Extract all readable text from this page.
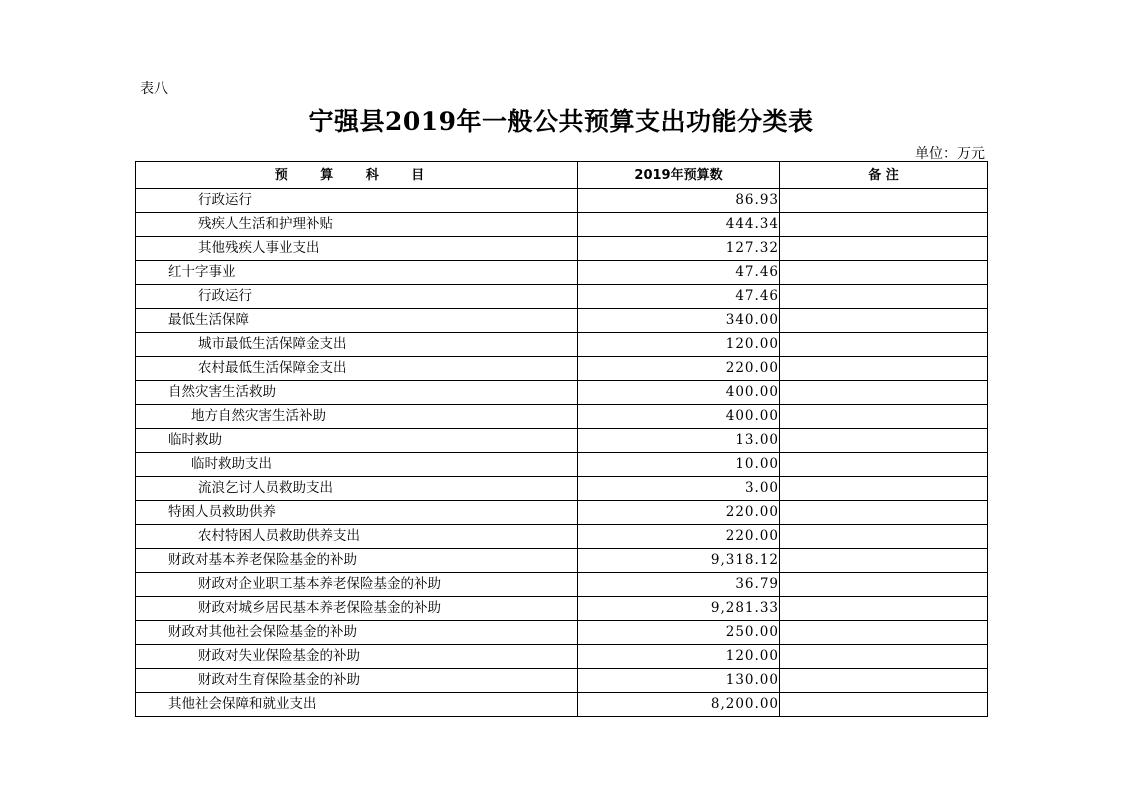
表八
宁强县2019年一般公共预算支出功能分类表
单位：万元
预 算 科 目	2019年预算数	备 注
行政运行	86.93	
残疾人生活和护理补贴	444.34	
其他残疾人事业支出	127.32	
红十字事业	47.46	
行政运行	47.46	
最低生活保障	340.00	
城市最低生活保障金支出	120.00	
农村最低生活保障金支出	220.00	
自然灾害生活救助	400.00	
地方自然灾害生活补助	400.00	
临时救助	13.00	
临时救助支出	10.00	
流浪乞讨人员救助支出	3.00	
特困人员救助供养	220.00	
农村特困人员救助供养支出	220.00	
财政对基本养老保险基金的补助	9,318.12	
财政对企业职工基本养老保险基金的补助	36.79	
财政对城乡居民基本养老保险基金的补助	9,281.33	
财政对其他社会保险基金的补助	250.00	
财政对失业保险基金的补助	120.00	
财政对生育保险基金的补助	130.00	
其他社会保障和就业支出	8,200.00	
